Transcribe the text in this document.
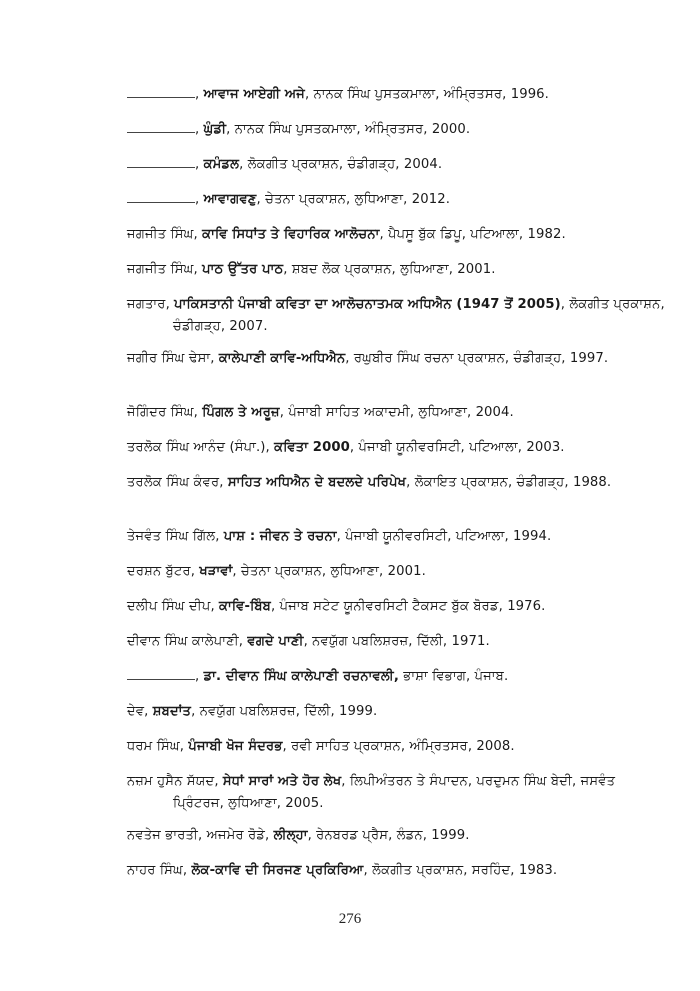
, ਆਵਾਜ ਆਏਗੀ ਅਜੇ, ਨਾਨਕ ਸਿੰਘ ਪੁਸਤਕਮਾਲਾ, ਅੰਮ੍ਰਿਤਸਰ, 1996.
, ਘੁੰਡੀ, ਨਾਨਕ ਸਿੰਘ ਪੁਸਤਕਮਾਲਾ, ਅੰਮ੍ਰਿਤਸਰ, 2000.
, ਕਮੰਡਲ, ਲੋਕਗੀਤ ਪ੍ਰਕਾਸ਼ਨ, ਚੰਡੀਗੜ੍ਹ, 2004.
, ਆਵਾਗਵਣੁ, ਚੇਤਨਾ ਪ੍ਰਕਾਸ਼ਨ, ਲੁਧਿਆਣਾ, 2012.
ਜਗਜੀਤ ਸਿੰਘ, ਕਾਵਿ ਸਿਧਾਂਤ ਤੇ ਵਿਹਾਰਿਕ ਆਲੋਚਨਾ, ਪੈਪਸੂ ਬੁੱਕ ਡਿਪੂ, ਪਟਿਆਲਾ, 1982.
ਜਗਜੀਤ ਸਿੰਘ, ਪਾਠ ਉੱਤਰ ਪਾਠ, ਸ਼ਬਦ ਲੋਕ ਪ੍ਰਕਾਸ਼ਨ, ਲੁਧਿਆਣਾ, 2001.
ਜਗਤਾਰ, ਪਾਕਿਸਤਾਨੀ ਪੰਜਾਬੀ ਕਵਿਤਾ ਦਾ ਆਲੋਚਨਾਤਮਕ ਅਧਿਐਨ (1947 ਤੋਂ 2005), ਲੋਕਗੀਤ ਪ੍ਰਕਾਸ਼ਨ, ਚੰਡੀਗੜ੍ਹ, 2007.
ਜਗੀਰ ਸਿੰਘ ਢੇਸਾ, ਕਾਲੇਪਾਣੀ ਕਾਵਿ-ਅਧਿਐਨ, ਰਘੁਬੀਰ ਸਿੰਘ ਰਚਨਾ ਪ੍ਰਕਾਸ਼ਨ, ਚੰਡੀਗੜ੍ਹ, 1997.
ਜੋਗਿੰਦਰ ਸਿੰਘ, ਪਿੰਗਲ ਤੇ ਅਰੂਜ਼, ਪੰਜਾਬੀ ਸਾਹਿਤ ਅਕਾਦਮੀ, ਲੁਧਿਆਣਾ, 2004.
ਤਰਲੋਕ ਸਿੰਘ ਆਨੰਦ (ਸੰਪਾ.), ਕਵਿਤਾ 2000, ਪੰਜਾਬੀ ਯੂਨੀਵਰਸਿਟੀ, ਪਟਿਆਲਾ, 2003.
ਤਰਲੋਕ ਸਿੰਘ ਕੰਵਰ, ਸਾਹਿਤ ਅਧਿਐਨ ਦੇ ਬਦਲਦੇ ਪਰਿਪੇਖ, ਲੋਕਾਇਤ ਪ੍ਰਕਾਸ਼ਨ, ਚੰਡੀਗੜ੍ਹ, 1988.
ਤੇਜਵੰਤ ਸਿੰਘ ਗਿੱਲ, ਪਾਸ਼ : ਜੀਵਨ ਤੇ ਰਚਨਾ, ਪੰਜਾਬੀ ਯੂਨੀਵਰਸਿਟੀ, ਪਟਿਆਲਾ, 1994.
ਦਰਸ਼ਨ ਬੁੱਟਰ, ਖੜਾਵਾਂ, ਚੇਤਨਾ ਪ੍ਰਕਾਸ਼ਨ, ਲੁਧਿਆਣਾ, 2001.
ਦਲੀਪ ਸਿੰਘ ਦੀਪ, ਕਾਵਿ-ਬਿੰਬ, ਪੰਜਾਬ ਸਟੇਟ ਯੂਨੀਵਰਸਿਟੀ ਟੈਕਸਟ ਬੁੱਕ ਬੋਰਡ, 1976.
ਦੀਵਾਨ ਸਿੰਘ ਕਾਲੇਪਾਣੀ, ਵਗਦੇ ਪਾਣੀ, ਨਵਯੁੱਗ ਪਬਲਿਸ਼ਰਜ਼, ਦਿੱਲੀ, 1971.
, ਡਾ. ਦੀਵਾਨ ਸਿੰਘ ਕਾਲੇਪਾਣੀ ਰਚਨਾਵਲੀ, ਭਾਸ਼ਾ ਵਿਭਾਗ, ਪੰਜਾਬ.
ਦੇਵ, ਸ਼ਬਦਾਂਤ, ਨਵਯੁੱਗ ਪਬਲਿਸ਼ਰਜ਼, ਦਿੱਲੀ, 1999.
ਧਰਮ ਸਿੰਘ, ਪੰਜਾਬੀ ਖੋਜ ਸੰਦਰਭ, ਰਵੀ ਸਾਹਿਤ ਪ੍ਰਕਾਸ਼ਨ, ਅੰਮ੍ਰਿਤਸਰ, 2008.
ਨਜ਼ਮ ਹੁਸੈਨ ਸੱਯਦ, ਸੇਧਾਂ ਸਾਰਾਂ ਅਤੇ ਹੋਰ ਲੇਖ, ਲਿਪੀਅੰਤਰਨ ਤੇ ਸੰਪਾਦਨ, ਪਰਦੁਮਨ ਸਿੰਘ ਬੇਦੀ, ਜਸਵੰਤ ਪ੍ਰਿੰਟਰਜ, ਲੁਧਿਆਣਾ, 2005.
ਨਵਤੇਜ ਭਾਰਤੀ, ਅਜਮੇਰ ਰੋਡੇ, ਲੀਲ੍ਹਾ, ਰੇਨਬਰਡ ਪ੍ਰੈਸ, ਲੰਡਨ, 1999.
ਨਾਹਰ ਸਿੰਘ, ਲੋਕ-ਕਾਵਿ ਦੀ ਸਿਰਜਣ ਪ੍ਰਕਿਰਿਆ, ਲੋਕਗੀਤ ਪ੍ਰਕਾਸ਼ਨ, ਸਰਹਿੰਦ, 1983.
276
